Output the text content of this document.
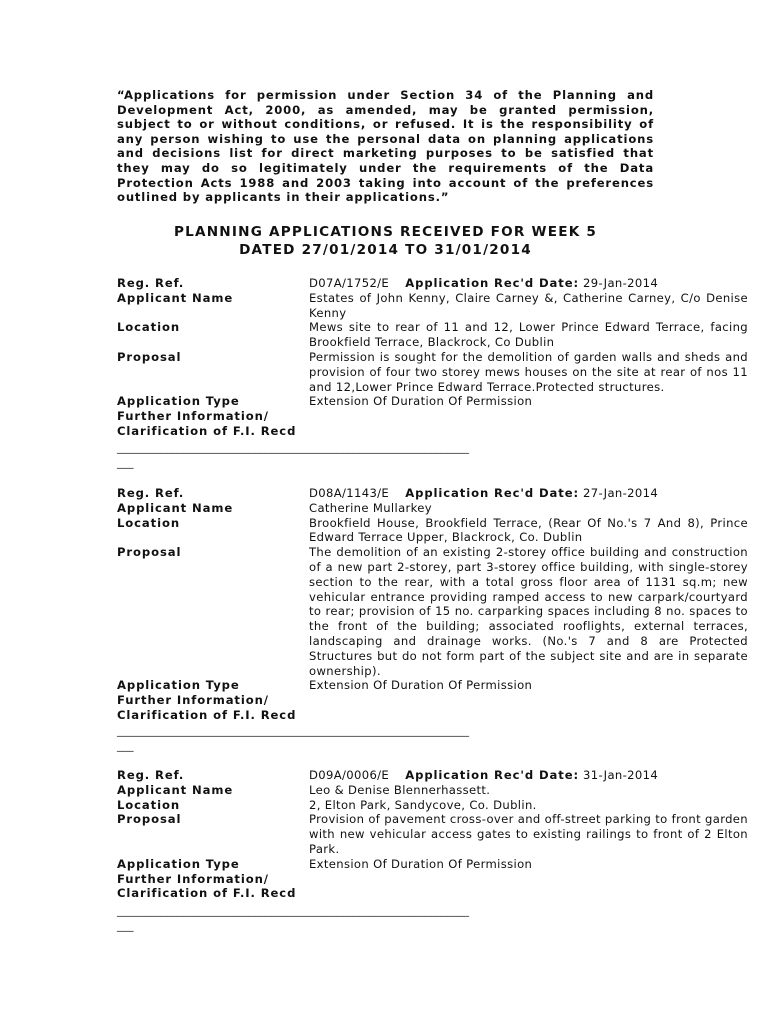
“Applications for permission under Section 34 of the Planning and Development Act, 2000, as amended, may be granted permission, subject to or without conditions, or refused. It is the responsibility of any person wishing to use the personal data on planning applications and decisions list for direct marketing purposes to be satisfied that they may do so legitimately under the requirements of the Data Protection Acts 1988 and 2003 taking into account of the preferences outlined by applicants in their applications.”
PLANNING APPLICATIONS RECEIVED FOR WEEK 5
DATED 27/01/2014 TO 31/01/2014
Reg. Ref.	D07A/1752/E Application Rec'd Date: 29-Jan-2014
Applicant Name	Estates of John Kenny, Claire Carney &, Catherine Carney, C/o Denise Kenny
Location	Mews site to rear of 11 and 12, Lower Prince Edward Terrace, facing Brookfield Terrace, Blackrock, Co Dublin
Proposal	Permission is sought for the demolition of garden walls and sheds and provision of four two storey mews houses on the site at rear of nos 11 and 12,Lower Prince Edward Terrace.Protected structures.
Application Type	Extension Of Duration Of Permission
Further Information/
Clarification of F.I. Recd
________________________________________________________________
___
Reg. Ref.	D08A/1143/E Application Rec'd Date: 27-Jan-2014
Applicant Name	Catherine Mullarkey
Location	Brookfield House, Brookfield Terrace, (Rear Of No.'s 7 And 8), Prince Edward Terrace Upper, Blackrock, Co. Dublin
Proposal	The demolition of an existing 2-storey office building and construction of a new part 2-storey, part 3-storey office building, with single-storey section to the rear, with a total gross floor area of 1131 sq.m; new vehicular entrance providing ramped access to new carpark/courtyard to rear; provision of 15 no. carparking spaces including 8 no. spaces to the front of the building; associated rooflights, external terraces, landscaping and drainage works. (No.'s 7 and 8 are Protected Structures but do not form part of the subject site and are in separate ownership).
Application Type	Extension Of Duration Of Permission
Further Information/
Clarification of F.I. Recd
________________________________________________________________
___
Reg. Ref.	D09A/0006/E Application Rec'd Date: 31-Jan-2014
Applicant Name	Leo & Denise Blennerhassett.
Location	2, Elton Park, Sandycove, Co. Dublin.
Proposal	Provision of pavement cross-over and off-street parking to front garden with new vehicular access gates to existing railings to front of 2 Elton Park.
Application Type	Extension Of Duration Of Permission
Further Information/
Clarification of F.I. Recd
________________________________________________________________
___
